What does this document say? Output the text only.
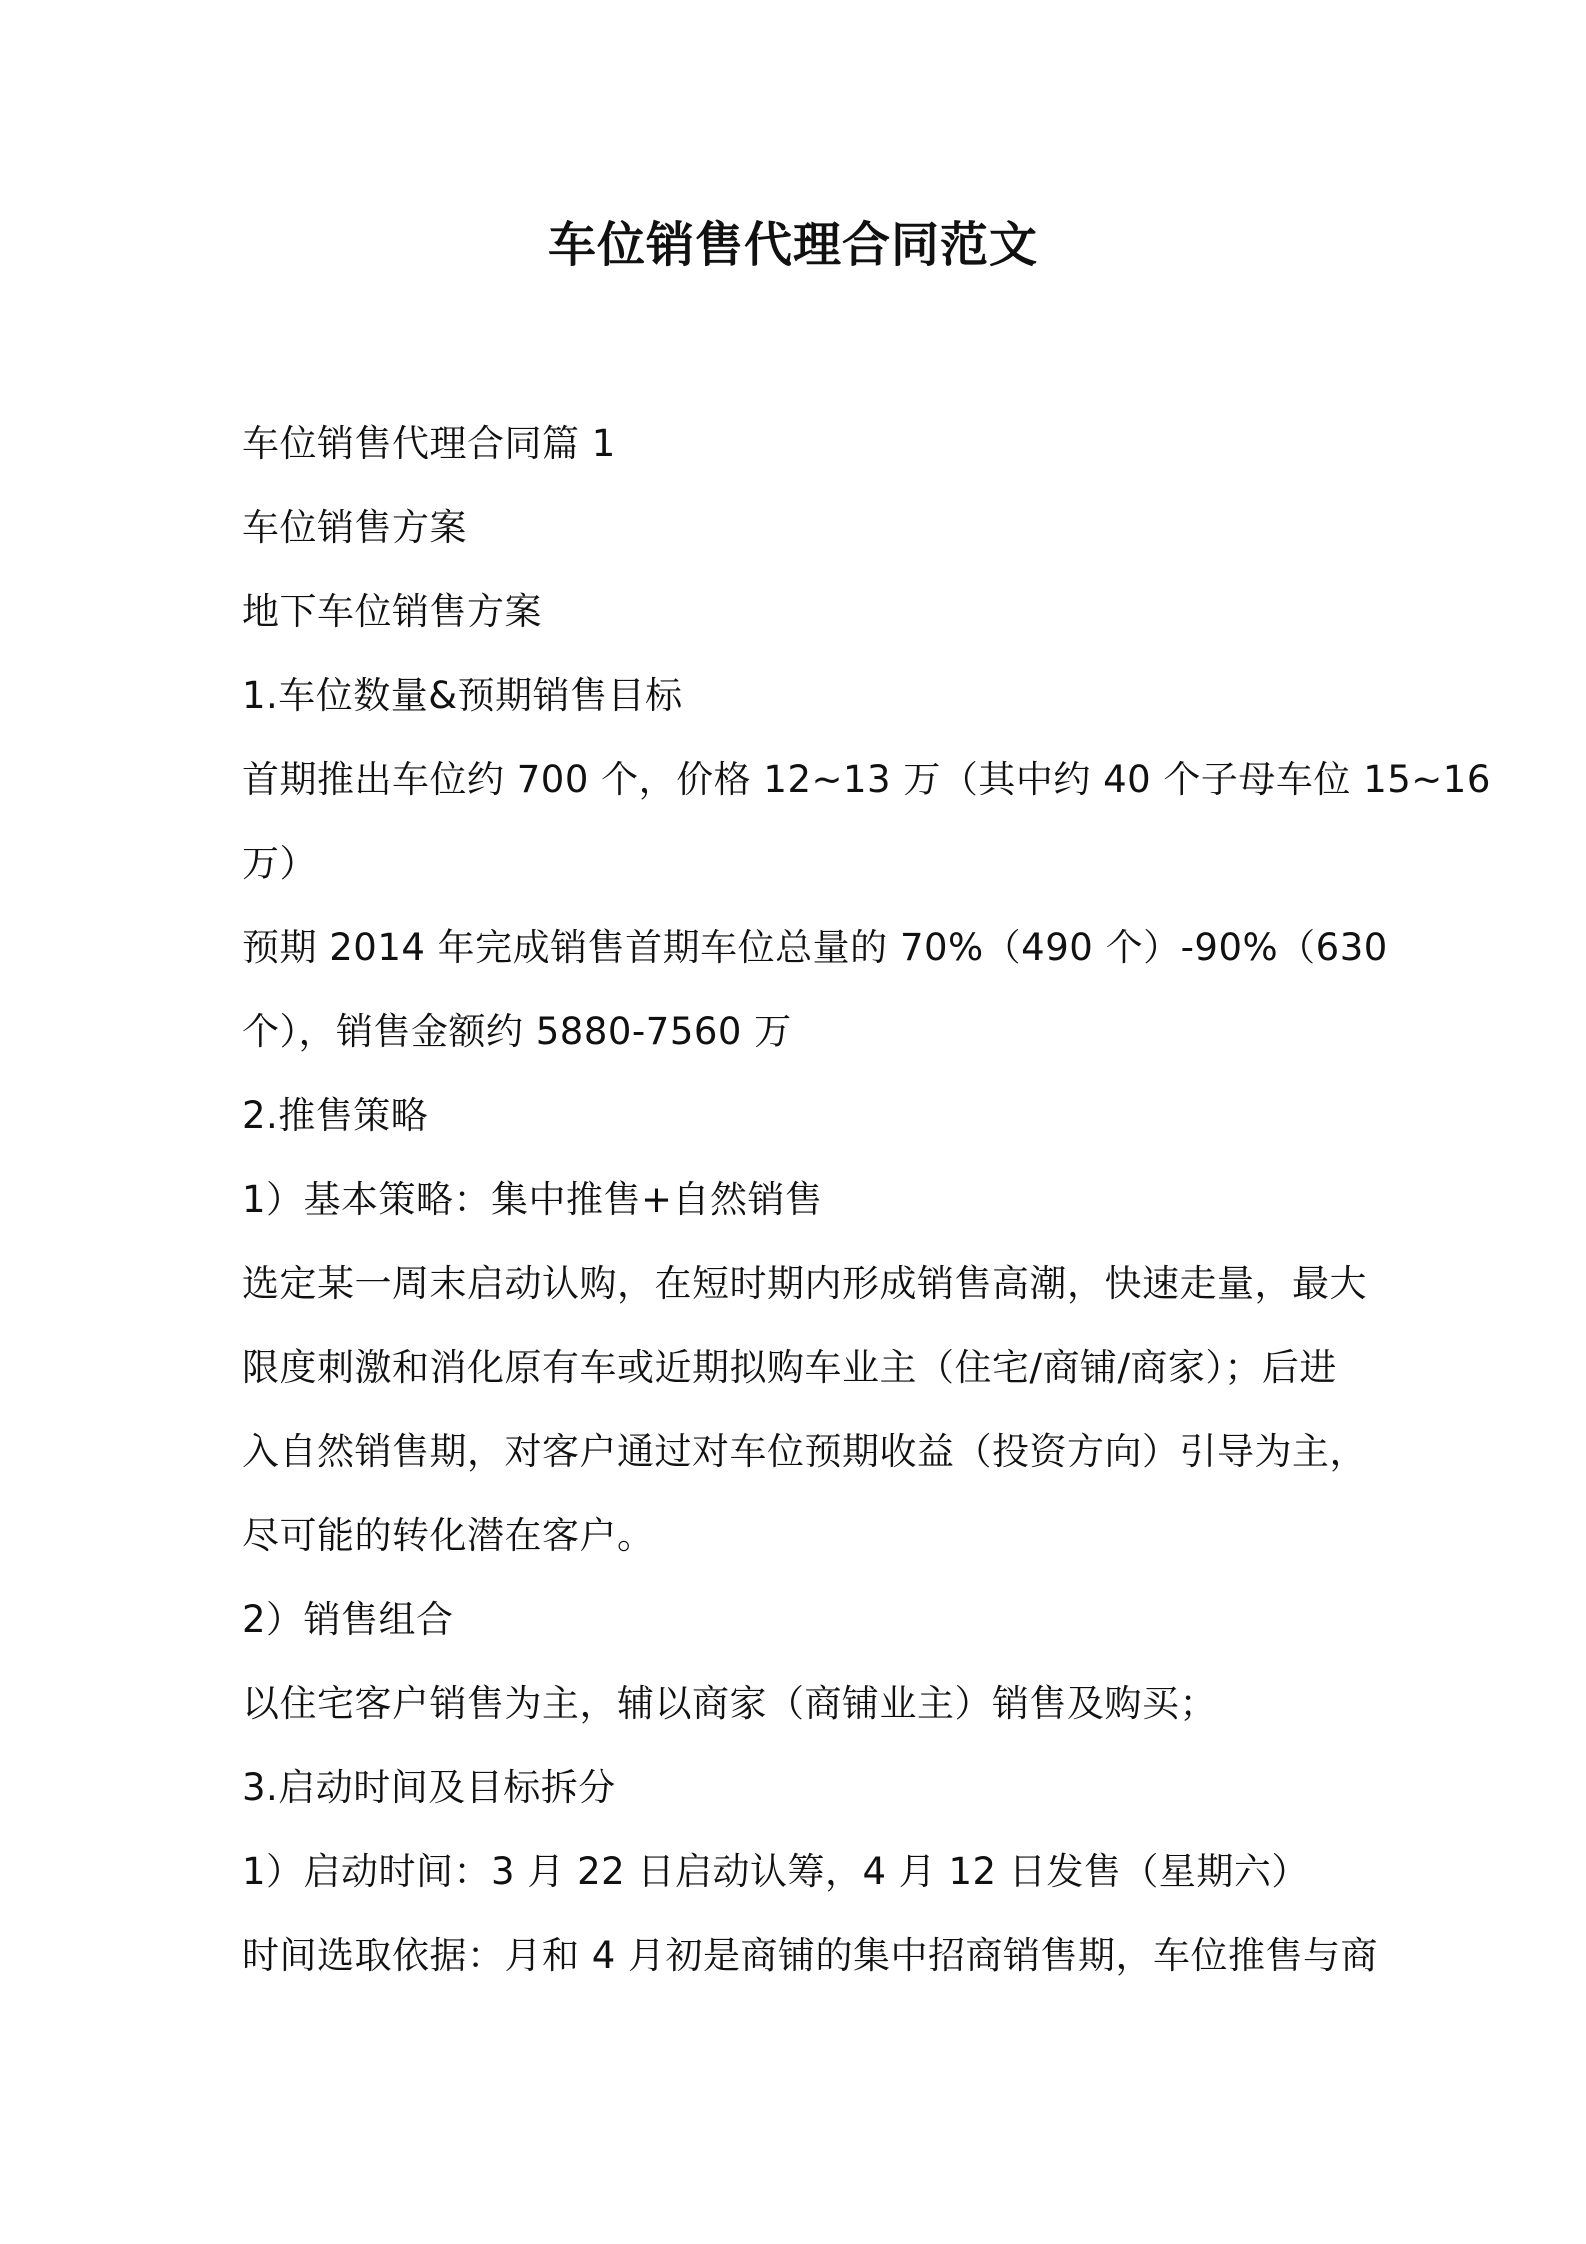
车位销售代理合同范文
车位销售代理合同篇 1
车位销售方案
地下车位销售方案
1.车位数量&预期销售目标
首期推出车位约 700 个，价格 12~13 万（其中约 40 个子母车位 15~16
万）
预期 2014 年完成销售首期车位总量的 70%（490 个）-90%（630
个），销售金额约 5880-7560 万
2.推售策略
1）基本策略：集中推售+自然销售
选定某一周末启动认购，在短时期内形成销售高潮，快速走量，最大
限度刺激和消化原有车或近期拟购车业主（住宅/商铺/商家）；后进
入自然销售期，对客户通过对车位预期收益（投资方向）引导为主，
尽可能的转化潜在客户。
2）销售组合
以住宅客户销售为主，辅以商家（商铺业主）销售及购买；
3.启动时间及目标拆分
1）启动时间：3 月 22 日启动认筹，4 月 12 日发售（星期六）
时间选取依据：月和 4 月初是商铺的集中招商销售期，车位推售与商
